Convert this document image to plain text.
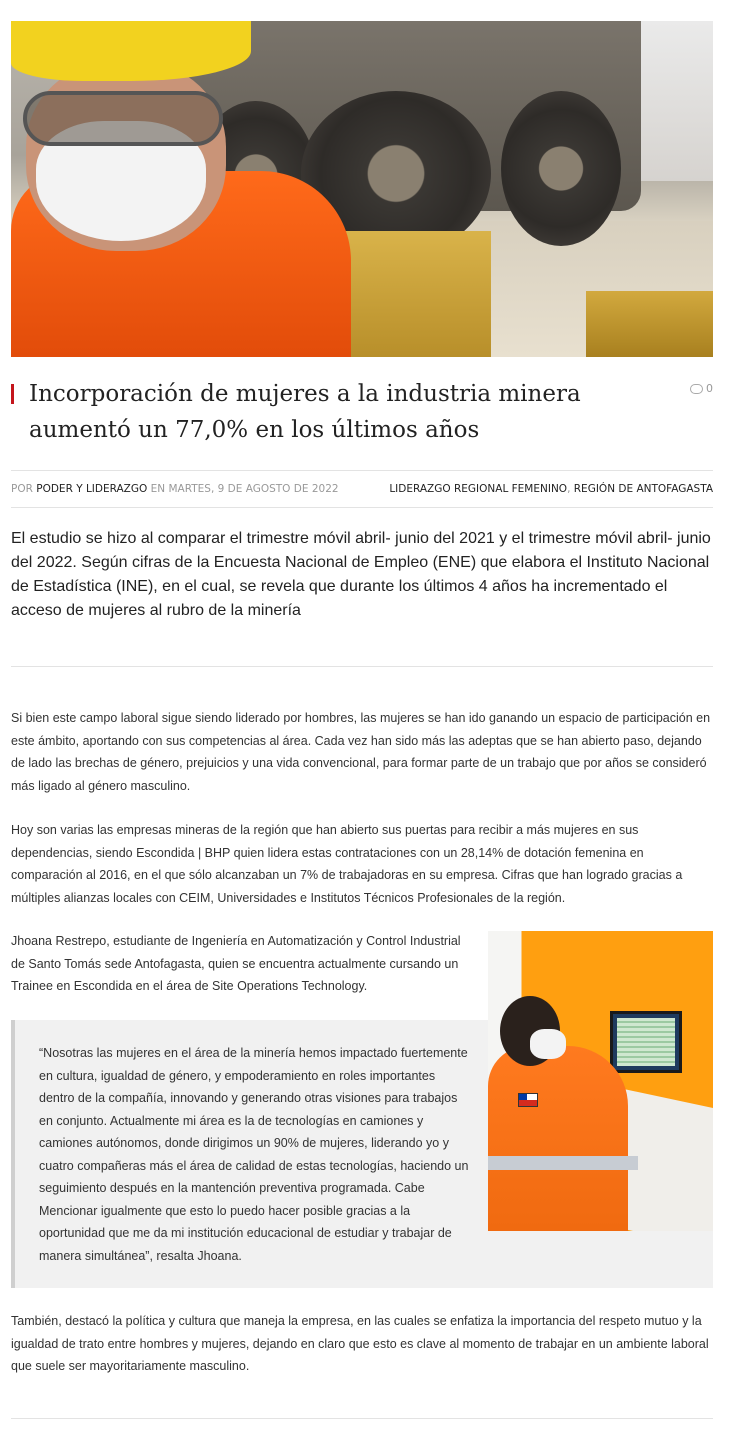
Incorporación de mujeres a la industria minera aumentó un 77,0% en los últimos años
0
POR PODER Y LIDERAZGO EN MARTES, 9 DE AGOSTO DE 2022	LIDERAZGO REGIONAL FEMENINO, REGIÓN DE ANTOFAGASTA

El estudio se hizo al comparar el trimestre móvil abril- junio del 2021 y el trimestre móvil abril- junio del 2022. Según cifras de la Encuesta Nacional de Empleo (ENE) que elabora el Instituto Nacional de Estadística (INE), en el cual, se revela que durante los últimos 4 años ha incrementado el acceso de mujeres al rubro de la minería

Si bien este campo laboral sigue siendo liderado por hombres, las mujeres se han ido ganando un espacio de participación en este ámbito, aportando con sus competencias al área. Cada vez han sido más las adeptas que se han abierto paso, dejando de lado las brechas de género, prejuicios y una vida convencional, para formar parte de un trabajo que por años se consideró más ligado al género masculino.

Hoy son varias las empresas mineras de la región que han abierto sus puertas para recibir a más mujeres en sus dependencias, siendo Escondida | BHP quien lidera estas contrataciones con un 28,14% de dotación femenina en comparación al 2016, en el que sólo alcanzaban un 7% de trabajadoras en su empresa. Cifras que han logrado gracias a múltiples alianzas locales con CEIM, Universidades e Institutos Técnicos Profesionales de la región.

Jhoana Restrepo, estudiante de Ingeniería en Automatización y Control Industrial de Santo Tomás sede Antofagasta, quien se encuentra actualmente cursando un Trainee en Escondida en el área de Site Operations Technology.

“Nosotras las mujeres en el área de la minería hemos impactado fuertemente en cultura, igualdad de género, y empoderamiento en roles importantes dentro de la compañía, innovando y generando otras visiones para trabajos en conjunto. Actualmente mi área es la de tecnologías en camiones y camiones autónomos, donde dirigimos un 90% de mujeres, liderando yo y cuatro compañeras más el área de calidad de estas tecnologías, haciendo un seguimiento después en la mantención preventiva programada. Cabe Mencionar igualmente que esto lo puedo hacer posible gracias a la oportunidad que me da mi institución educacional de estudiar y trabajar de manera simultánea”, resalta Jhoana.

También, destacó la política y cultura que maneja la empresa, en las cuales se enfatiza la importancia del respeto mutuo y la igualdad de trato entre hombres y mujeres, dejando en claro que esto es clave al momento de trabajar en un ambiente laboral que suele ser mayoritariamente masculino.
